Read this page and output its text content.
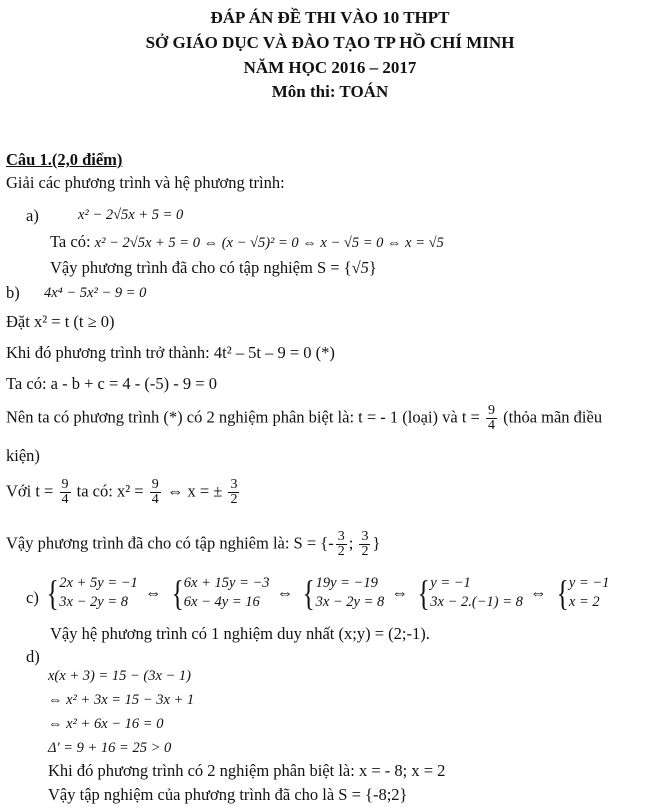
ĐÁP ÁN ĐỀ THI VÀO 10 THPT
SỞ GIÁO DỤC VÀ ĐÀO TẠO TP HỒ CHÍ MINH
NĂM HỌC 2016 – 2017
Môn thi: TOÁN
Câu 1.(2,0 điểm)
Giải các phương trình và hệ phương trình:
a)	x² − 2√5x + 5 = 0
Ta có: x² − 2√5x + 5 = 0 ⇔ (x − √5)² = 0 ⇔ x − √5 = 0 ⇔ x = √5
Vậy phương trình đã cho có tập nghiệm S = {√5}
b) 4x⁴ − 5x² − 9 = 0
Đặt x² = t (t ≥ 0)
Khi đó phương trình trở thành: 4t² – 5t – 9 = 0 (*)
Ta có: a - b + c = 4 - (-5) - 9 = 0
Nên ta có phương trình (*) có 2 nghiệm phân biệt là: t = - 1 (loại) và $t = \frac{9}{4}$ (thỏa mãn điều
kiện)
Với $t = \frac{9}{4}$ ta có: $x^2 = \frac{9}{4}$ ⇔ x = ± $\frac{3}{2}$
Vậy phương trình đã cho có tập nghiêm là: S = {- $\frac{3}{2}$ ; $\frac{3}{2}$ }
c) { 2x + 5y = −1
3x − 2y = 8	⇔ { 6x + 15y = −3
6x − 4y = 16	⇔ { 19y = −19
3x − 2y = 8 ⇔ { y = −1
3x − 2.(−1) = 8 ⇔ { y = −1
x = 2
Vậy hệ phương trình có 1 nghiệm duy nhất (x;y) = (2;-1).
d)
x(x + 3) = 15 − (3x − 1)
⇔ x² + 3x = 15 − 3x + 1
⇔ x² + 6x − 16 = 0
Δ' = 9 + 16 = 25 > 0
Khi đó phương trình có 2 nghiệm phân biệt là: x = - 8; x = 2
Vậy tập nghiệm của phương trình đã cho là S = {-8;2}
